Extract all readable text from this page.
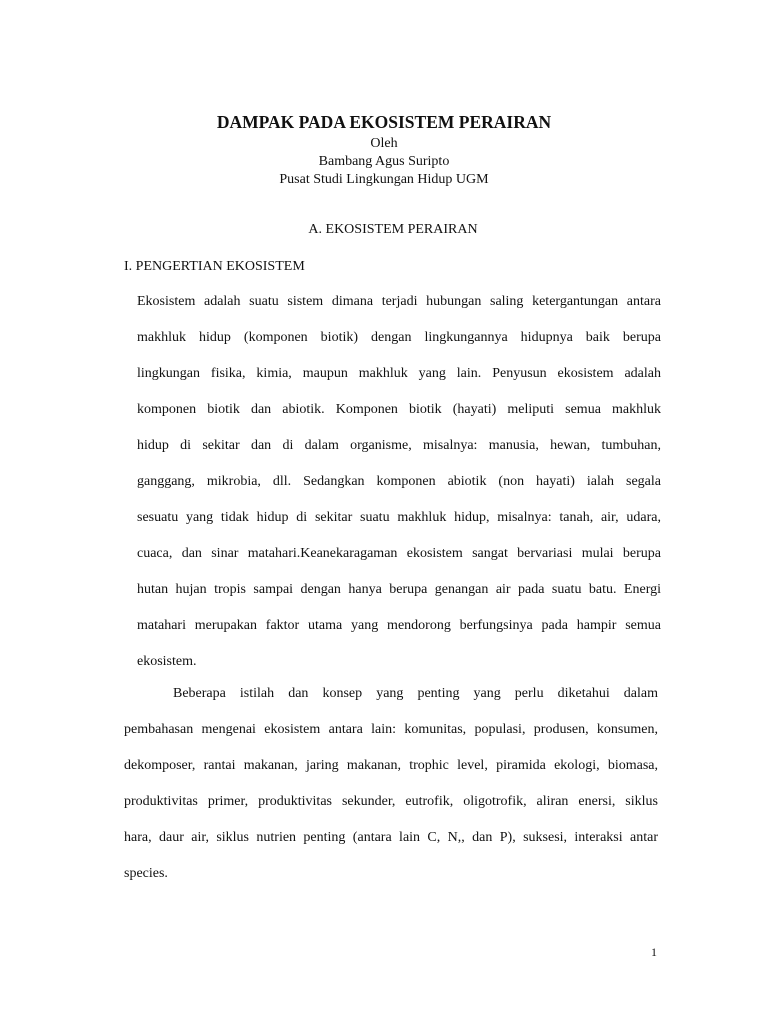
DAMPAK PADA EKOSISTEM PERAIRAN
Oleh
Bambang Agus Suripto
Pusat Studi Lingkungan Hidup UGM
A. EKOSISTEM PERAIRAN
I. PENGERTIAN EKOSISTEM
Ekosistem adalah suatu sistem dimana terjadi hubungan saling ketergantungan antara
makhluk hidup (komponen biotik) dengan lingkungannya hidupnya baik berupa
lingkungan fisika, kimia, maupun makhluk yang lain. Penyusun ekosistem adalah
komponen biotik dan abiotik. Komponen biotik (hayati) meliputi semua makhluk
hidup di sekitar dan di dalam organisme, misalnya: manusia, hewan, tumbuhan,
ganggang, mikrobia, dll. Sedangkan komponen abiotik (non hayati) ialah segala
sesuatu yang tidak hidup di sekitar suatu makhluk hidup, misalnya: tanah, air, udara,
cuaca, dan sinar matahari.Keanekaragaman ekosistem sangat bervariasi mulai berupa
hutan hujan tropis sampai dengan hanya berupa genangan air pada suatu batu. Energi
matahari merupakan faktor utama yang mendorong berfungsinya pada hampir semua
ekosistem.
Beberapa istilah dan konsep yang penting yang perlu diketahui dalam
pembahasan mengenai ekosistem antara lain: komunitas, populasi, produsen, konsumen,
dekomposer, rantai makanan, jaring makanan, trophic level, piramida ekologi, biomasa,
produktivitas primer, produktivitas sekunder, eutrofik, oligotrofik, aliran enersi, siklus
hara, daur air, siklus nutrien penting (antara lain C, N,, dan P), suksesi, interaksi antar
species.
1
